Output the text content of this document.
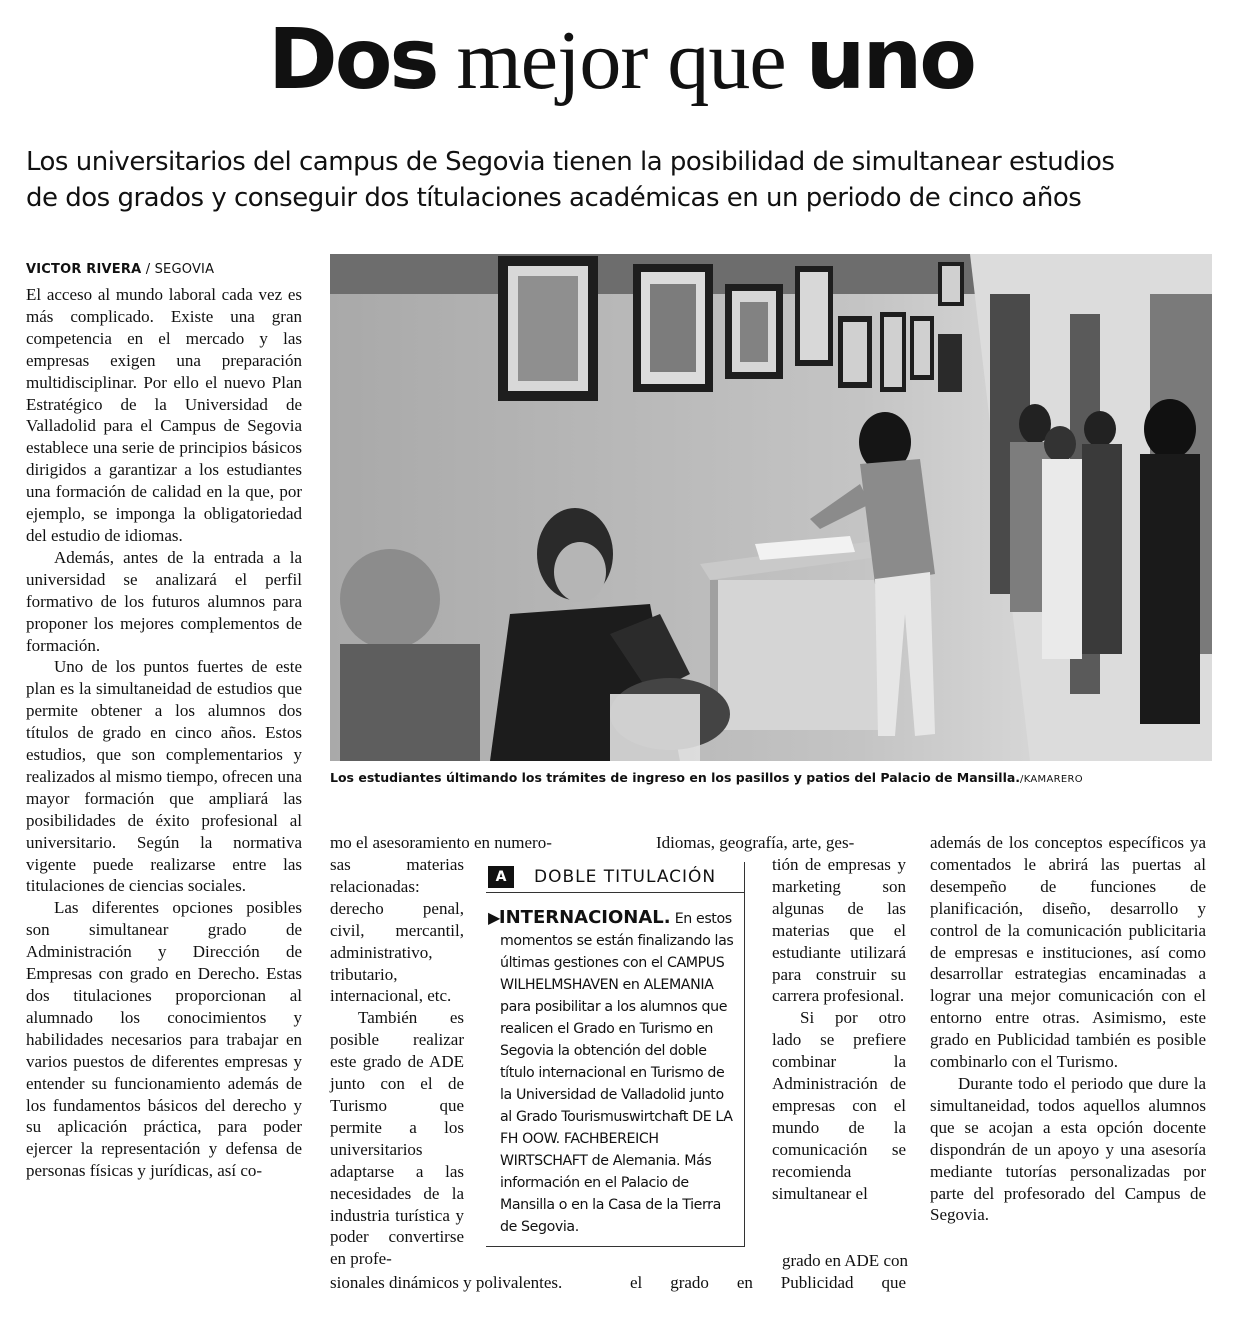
Dos mejor que uno
Los universitarios del campus de Segovia tienen la posibilidad de simultanear estudios
de dos grados y conseguir dos títulaciones académicas en un periodo de cinco años
VICTOR RIVERA / SEGOVIA

El acceso al mundo laboral cada vez es más complicado. Existe una gran competencia en el mercado y las empresas exigen una preparación multidisciplinar. Por ello el nuevo Plan Estratégico de la Universidad de Valladolid para el Campus de Segovia establece una serie de principios básicos dirigidos a garantizar a los estudiantes una formación de calidad en la que, por ejemplo, se imponga la obligatoriedad del estudio de idiomas.

Además, antes de la entrada a la universidad se analizará el perfil formativo de los futuros alumnos para proponer los mejores complementos de formación.

Uno de los puntos fuertes de este plan es la simultaneidad de estudios que permite obtener a los alumnos dos títulos de grado en cinco años. Estos estudios, que son complementarios y realizados al mismo tiempo, ofrecen una mayor formación que ampliará las posibilidades de éxito profesional al universitario. Según la normativa vigente puede realizarse entre las titulaciones de ciencias sociales.

Las diferentes opciones posibles son simultanear grado de Administración y Dirección de Empresas con grado en Derecho. Estas dos titulaciones proporcionan al alumnado los conocimientos y habilidades necesarios para trabajar en varios puestos de diferentes empresas y entender su funcionamiento además de los fundamentos básicos del derecho y su aplicación práctica, para poder ejercer la representación y defensa de personas físicas y jurídicas, así co-

Los estudiantes últimando los trámites de ingreso en los pasillos y patios del Palacio de Mansilla./KAMARERO
mo el asesoramiento en numero-

sas materias relacionadas: derecho penal, civil, mercantil, administrativo, tributario, internacional, etc.

También es posible realizar este grado de ADE junto con el de Turismo que permite a los universitarios adaptarse a las necesidades de la industria turística y poder convertirse en profe-

sionales dinámicos y polivalentes.
Idiomas, geografía, arte, ges-

tión de empresas y marketing son algunas de las materias que el estudiante utilizará para construir su carrera profesional.

Si por otro lado se prefiere combinar la Administración de empresas con el mundo de la comunicación se recomienda simultanear el

grado en ADE con
el grado en Publicidad que

además de los conceptos específicos ya comentados le abrirá las puertas al desempeño de funciones de planificación, diseño, desarrollo y control de la comunicación publicitaria de empresas e instituciones, así como desarrollar estrategias encaminadas a lograr una mejor comunicación con el entorno entre otras. Asimismo, este grado en Publicidad también es posible combinarlo con el Turismo.

Durante todo el periodo que dure la simultaneidad, todos aquellos alumnos que se acojan a esta opción docente dispondrán de un apoyo y una asesoría mediante tutorías personalizadas por parte del profesorado del Campus de Segovia.

A	DOBLE TITULACIÓN
▶INTERNACIONAL. En estos momentos se están finalizando las últimas gestiones con el CAMPUS WILHELMSHAVEN en ALEMANIA para posibilitar a los alumnos que realicen el Grado en Turismo en Segovia la obtención del doble título internacional en Turismo de la Universidad de Valladolid junto al Grado Tourismuswirtchaft DE LA FH OOW. FACHBEREICH WIRTSCHAFT de Alemania. Más información en el Palacio de Mansilla o en la Casa de la Tierra de Segovia.
